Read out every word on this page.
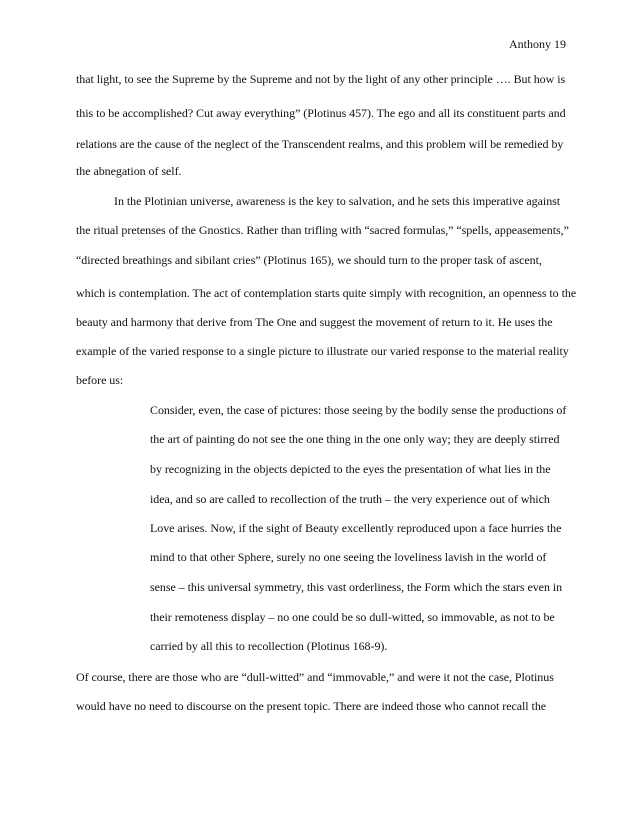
Anthony 19
that light, to see the Supreme by the Supreme and not by the light of any other principle …. But how is
this to be accomplished? Cut away everything” (Plotinus 457). The ego and all its constituent parts and
relations are the cause of the neglect of the Transcendent realms, and this problem will be remedied by
the abnegation of self.
In the Plotinian universe, awareness is the key to salvation, and he sets this imperative against
the ritual pretenses of the Gnostics. Rather than trifling with “sacred formulas,” “spells, appeasements,”
“directed breathings and sibilant cries” (Plotinus 165), we should turn to the proper task of ascent,
which is contemplation. The act of contemplation starts quite simply with recognition, an openness to the
beauty and harmony that derive from The One and suggest the movement of return to it. He uses the
example of the varied response to a single picture to illustrate our varied response to the material reality
before us:
Consider, even, the case of pictures: those seeing by the bodily sense the productions of
the art of painting do not see the one thing in the one only way; they are deeply stirred
by recognizing in the objects depicted to the eyes the presentation of what lies in the
idea, and so are called to recollection of the truth – the very experience out of which
Love arises. Now, if the sight of Beauty excellently reproduced upon a face hurries the
mind to that other Sphere, surely no one seeing the loveliness lavish in the world of
sense – this universal symmetry, this vast orderliness, the Form which the stars even in
their remoteness display – no one could be so dull-witted, so immovable, as not to be
carried by all this to recollection (Plotinus 168-9).
Of course, there are those who are “dull-witted” and “immovable,” and were it not the case, Plotinus
would have no need to discourse on the present topic. There are indeed those who cannot recall the
